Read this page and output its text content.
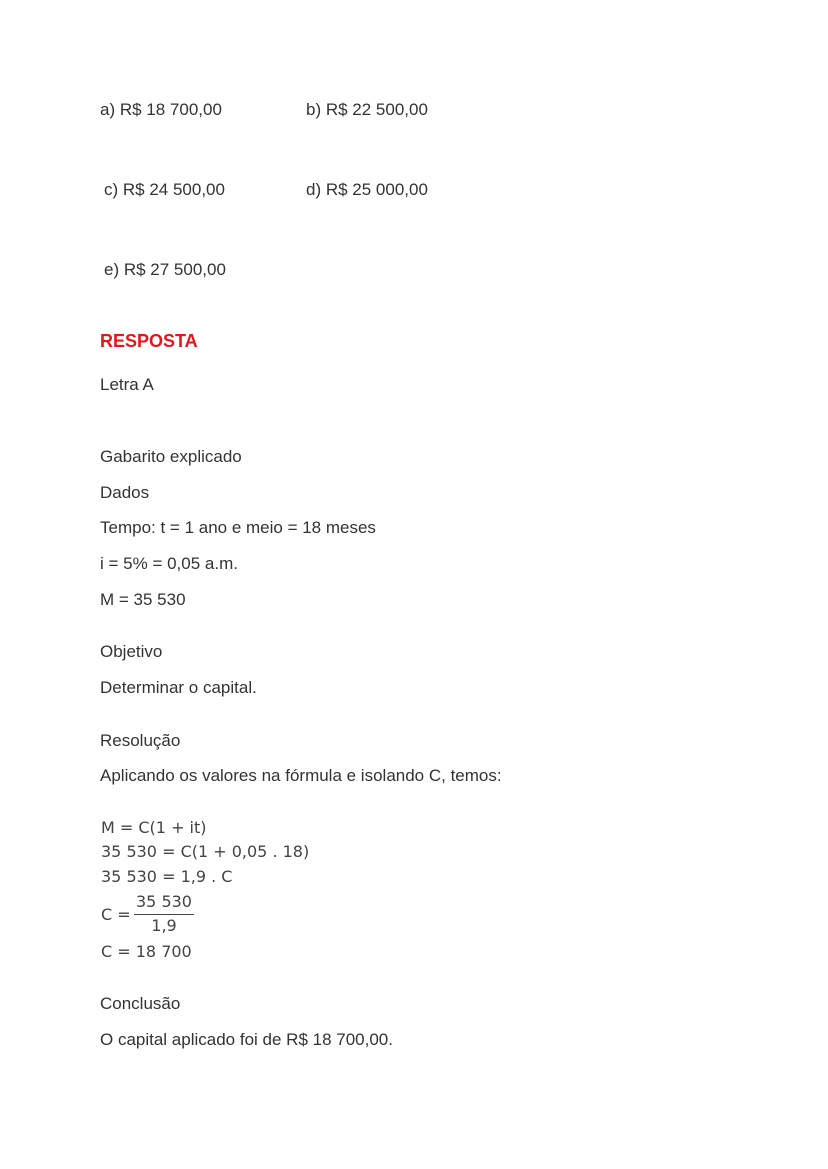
a) R$ 18 700,00	b) R$ 22 500,00
c) R$ 24 500,00	d) R$ 25 000,00
e) R$ 27 500,00
RESPOSTA
Letra A
Gabarito explicado
Dados
Tempo: t = 1 ano e meio = 18 meses
i = 5% = 0,05 a.m.
M = 35 530
Objetivo
Determinar o capital.
Resolução
Aplicando os valores na fórmula e isolando C, temos:
M = C(1 + it)
35 530 = C(1 + 0,05 . 18)
35 530 = 1,9 . C
$C = \frac{35 530}{1,9}$
C = 18 700
Conclusão
O capital aplicado foi de R$ 18 700,00.
